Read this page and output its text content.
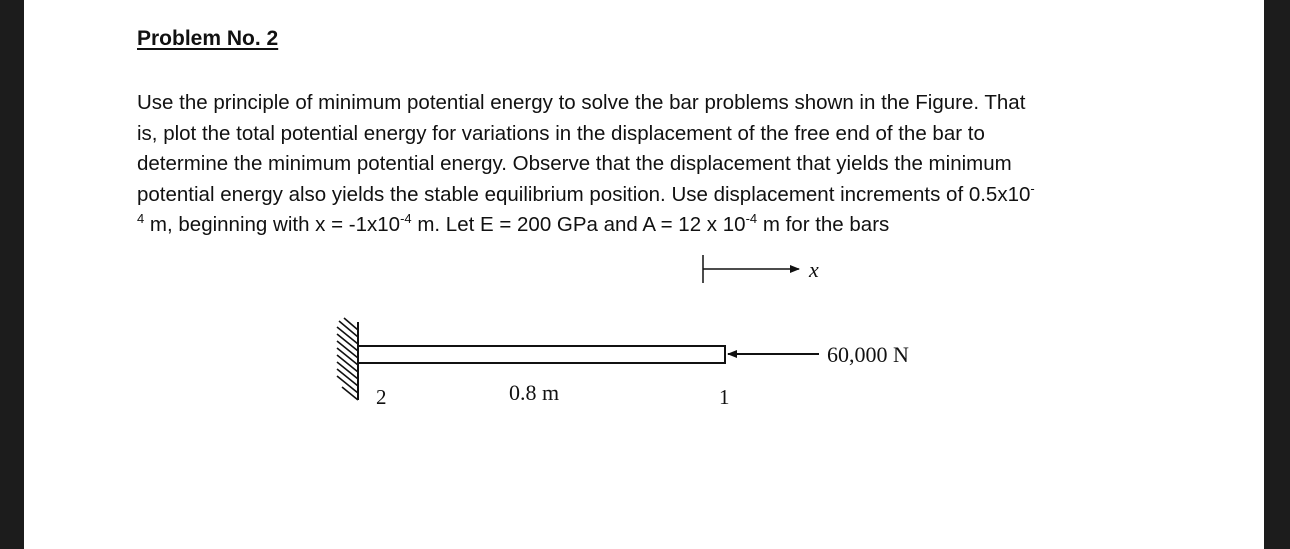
Problem No. 2
Use the principle of minimum potential energy to solve the bar problems shown in the Figure. That
is, plot the total potential energy for variations in the displacement of the free end of the bar to
determine the minimum potential energy. Observe that the displacement that yields the minimum
potential energy also yields the stable equilibrium position. Use displacement increments of 0.5x10-
$^4$ m, beginning with $x = -1x10^{-4}$ m. Let E = 200 GPa and A = 12 x $10^{-4}$ m for the bars
x
60,000 N
2	0.8 m	1
